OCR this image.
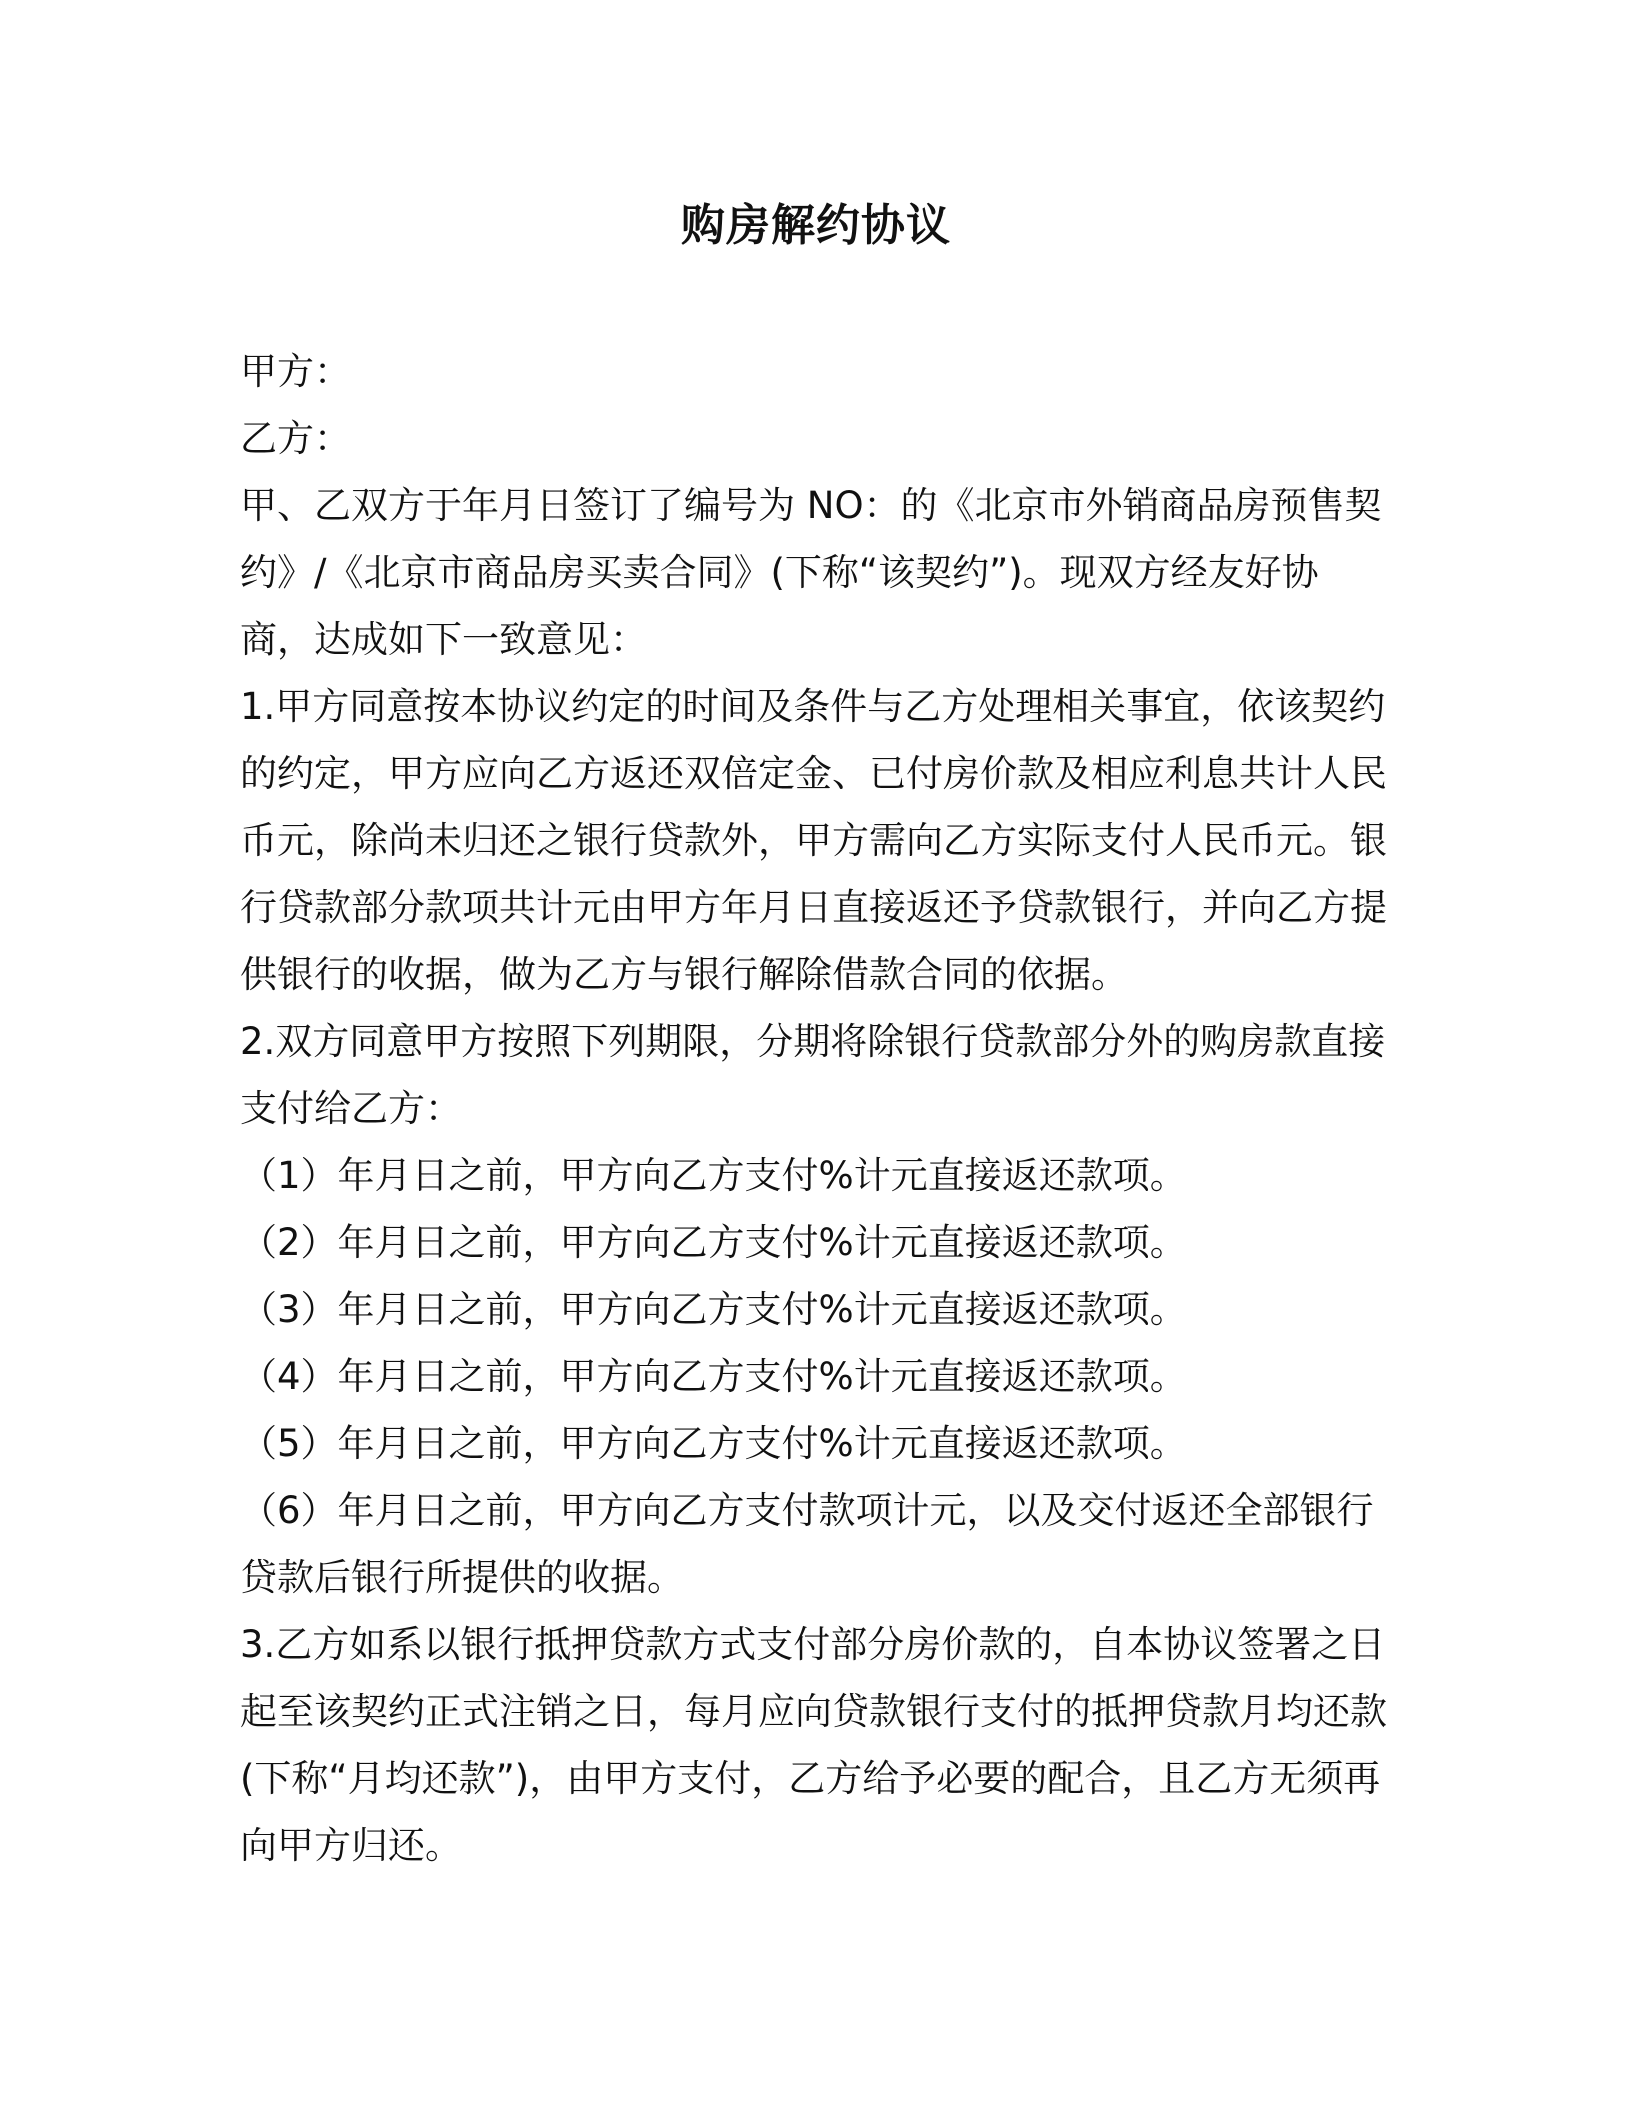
购房解约协议

甲方：

乙方：

甲、乙双方于年月日签订了编号为 NO：的《北京市外销商品房预售契约》/《北京市商品房买卖合同》(下称“该契约”)。现双方经友好协商，达成如下一致意见：

1.甲方同意按本协议约定的时间及条件与乙方处理相关事宜，依该契约的约定，甲方应向乙方返还双倍定金、已付房价款及相应利息共计人民币元，除尚未归还之银行贷款外，甲方需向乙方实际支付人民币元。银行贷款部分款项共计元由甲方年月日直接返还予贷款银行，并向乙方提供银行的收据，做为乙方与银行解除借款合同的依据。

2.双方同意甲方按照下列期限，分期将除银行贷款部分外的购房款直接支付给乙方：

（1）年月日之前，甲方向乙方支付%计元直接返还款项。

（2）年月日之前，甲方向乙方支付%计元直接返还款项。

（3）年月日之前，甲方向乙方支付%计元直接返还款项。

（4）年月日之前，甲方向乙方支付%计元直接返还款项。

（5）年月日之前，甲方向乙方支付%计元直接返还款项。

（6）年月日之前，甲方向乙方支付款项计元，以及交付返还全部银行贷款后银行所提供的收据。

3.乙方如系以银行抵押贷款方式支付部分房价款的，自本协议签署之日起至该契约正式注销之日，每月应向贷款银行支付的抵押贷款月均还款(下称“月均还款”)，由甲方支付，乙方给予必要的配合，且乙方无须再向甲方归还。
